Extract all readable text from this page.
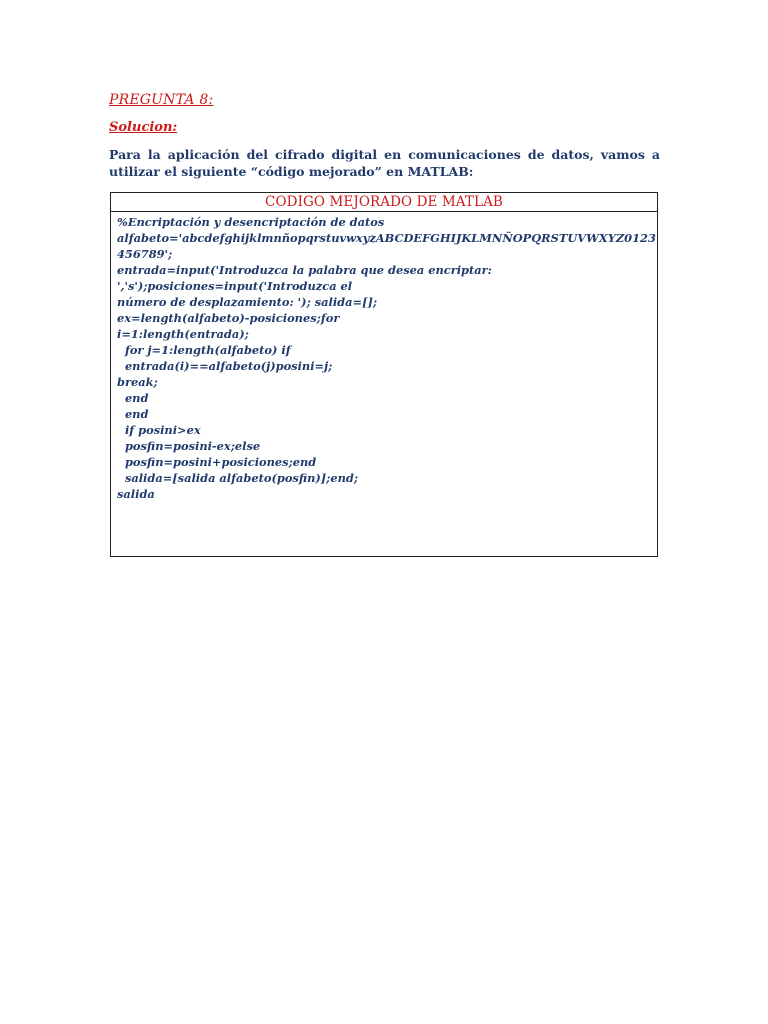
PREGUNTA 8:
Solucion:
Para la aplicación del cifrado digital en comunicaciones de datos, vamos a utilizar el siguiente “código mejorado” en MATLAB:
CODIGO MEJORADO DE MATLAB
%Encriptación y desencriptación de datos
alfabeto='abcdefghijklmnñopqrstuvwxyzABCDEFGHIJKLMNÑOPQRSTUVWXYZ0123
456789';
entrada=input('Introduzca la palabra que desea encriptar: ','s');posiciones=input('Introduzca el
número de desplazamiento: '); salida=[];
ex=length(alfabeto)-posiciones;for
i=1:length(entrada);
for j=1:length(alfabeto) if
entrada(i)==alfabeto(j)posini=j;
break;
end
end
if posini>ex
posfin=posini-ex;else
posfin=posini+posiciones;end
salida=[salida alfabeto(posfin)];end;
salida
